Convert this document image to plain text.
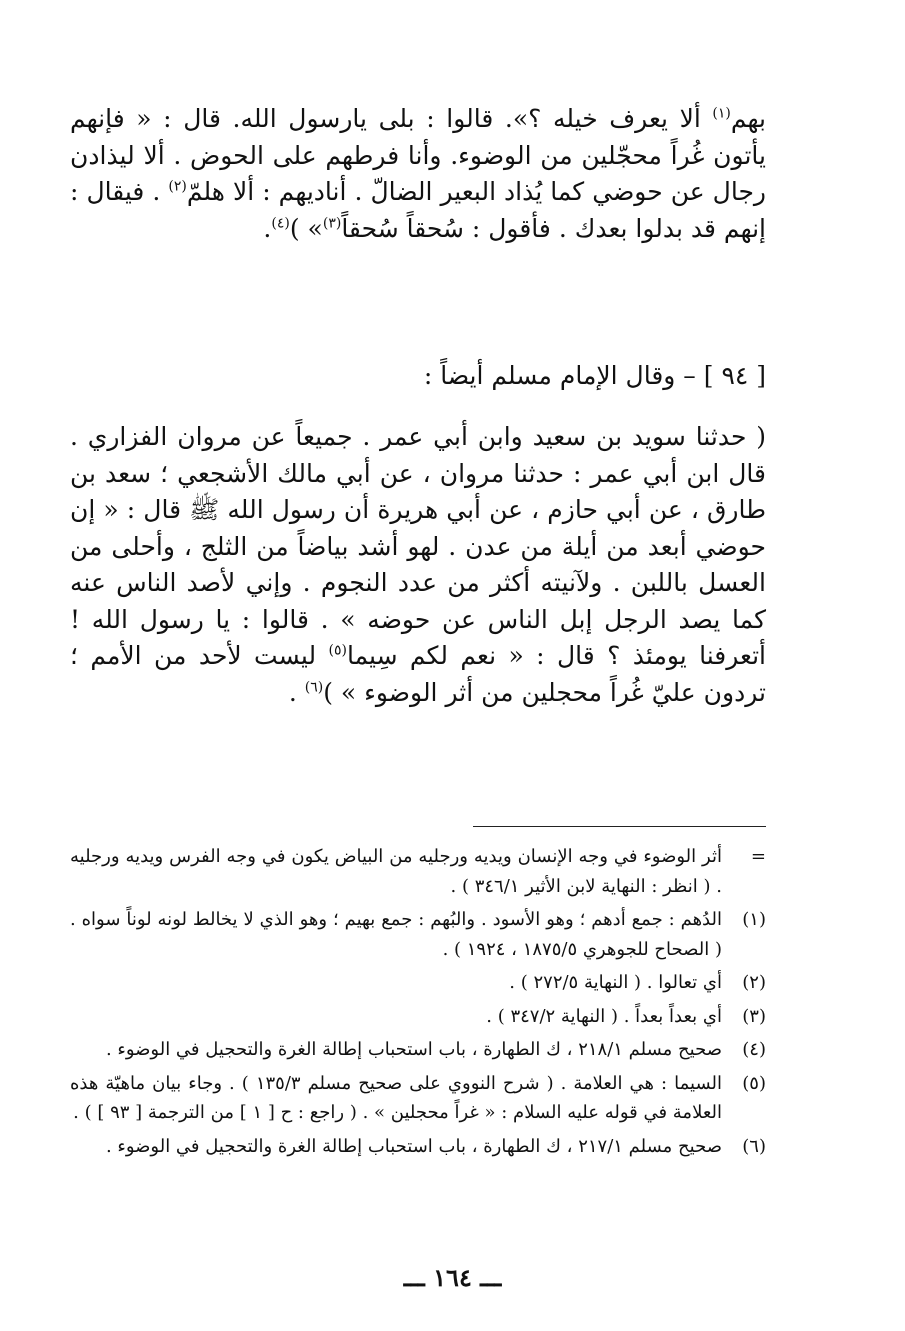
بهم$^{(١)}$ ألا يعرف خيله ؟». قالوا : بلى يارسول الله. قال : « فإنهم يأتون غُراً محجّلين من الوضوء. وأنا فرطهم على الحوض . ألا ليذادن رجال عن حوضي كما يُذاد البعير الضالّ . أناديهم : ألا هلمّ$^{(٢)}$ . فيقال : إنهم قد بدلوا بعدك . فأقول : سُحقاً سُحقاً$^{(٣)}$» )$^{(٤)}$.

[ ٩٤ ] – وقال الإمام مسلم أيضاً :

( حدثنا سويد بن سعيد وابن أبي عمر . جميعاً عن مروان الفزاري . قال ابن أبي عمر : حدثنا مروان ، عن أبي مالك الأشجعي ؛ سعد بن طارق ، عن أبي حازم ، عن أبي هريرة أن رسول الله ﷺ قال : « إن حوضي أبعد من أيلة من عدن . لهو أشد بياضاً من الثلج ، وأحلى من العسل باللبن . ولآنيته أكثر من عدد النجوم . وإني لأصد الناس عنه كما يصد الرجل إبل الناس عن حوضه » . قالوا : يا رسول الله ! أتعرفنا يومئذ ؟ قال : « نعم لكم سِيما$^{(٥)}$ ليست لأحد من الأمم ؛ تردون عليّ غُراً محجلين من أثر الوضوء » )$^{(٦)}$ .

=
أثر الوضوء في وجه الإنسان ويديه ورجليه من البياض يكون في وجه الفرس ويديه ورجليه . ( انظر : النهاية لابن الأثير ٣٤٦/١ ) .
(١)
الدُهم : جمع أدهم ؛ وهو الأسود . والبُهم : جمع بهيم ؛ وهو الذي لا يخالط لونه لوناً سواه . ( الصحاح للجوهري ١٨٧٥/٥ ، ١٩٢٤ ) .
(٢)
أي تعالوا . ( النهاية ٢٧٢/٥ ) .
(٣)
أي بعداً بعداً . ( النهاية ٣٤٧/٢ ) .
(٤)
صحيح مسلم ٢١٨/١ ، ك الطهارة ، باب استحباب إطالة الغرة والتحجيل في الوضوء .
(٥)
السيما : هي العلامة . ( شرح النووي على صحيح مسلم ١٣٥/٣ ) . وجاء بيان ماهيّة هذه العلامة في قوله عليه السلام : « غراً محجلين » . ( راجع : ح [ ١ ] من الترجمة [ ٩٣ ] ) .
(٦)
صحيح مسلم ٢١٧/١ ، ك الطهارة ، باب استحباب إطالة الغرة والتحجيل في الوضوء .
ـــ ١٦٤ ـــ
